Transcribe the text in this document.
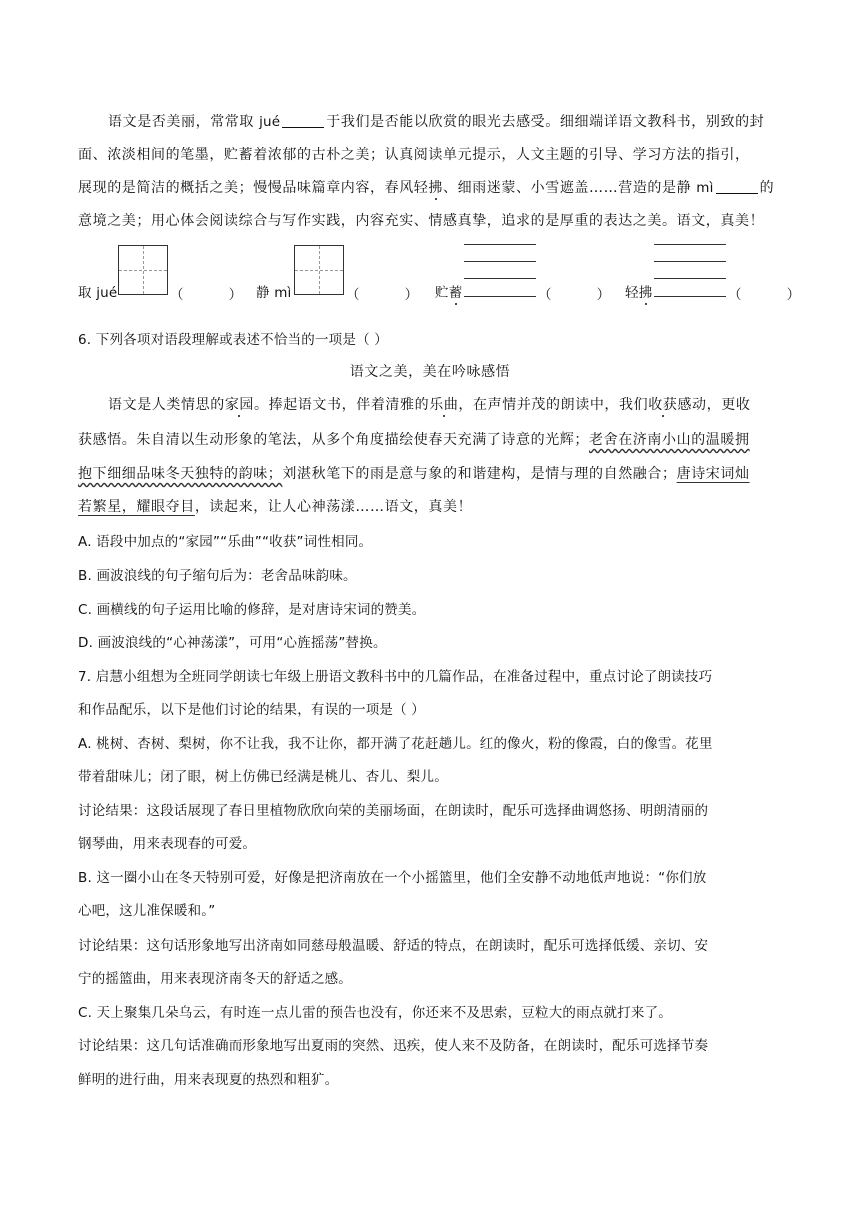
语文是否美丽，常常取 jué	于我们是否能以欣赏的眼光去感受。细细端详语文教科书，别致的封
面、浓淡相间的笔墨，贮蓄着浓郁的古朴之美；认真阅读单元提示，人文主题的引导、学习方法的指引，
展现的是简洁的概括之美；慢慢品味篇章内容，春风轻拂、细雨迷蒙、小雪遮盖……营造的是静 mì	的
意境之美；用心体会阅读综合与写作实践，内容充实、情感真挚，追求的是厚重的表达之美。语文，真美！
取 jué	（          ） 静 mì	（          ） 贮蓄	（          ） 轻拂	（          ）
6. 下列各项对语段理解或表述不恰当的一项是（ ）
语文之美，美在吟咏感悟
语文是人类情思的家园。捧起语文书，伴着清雅的乐曲，在声情并茂的朗读中，我们收获感动，更收
获感悟。朱自清以生动形象的笔法，从多个角度描绘使春天充满了诗意的光辉；老舍在济南小山的温暖拥
抱下细细品味冬天独特的韵味；刘湛秋笔下的雨是意与象的和谐建构，是情与理的自然融合；唐诗宋词灿
若繁星，耀眼夺目，读起来，让人心神荡漾……语文，真美！
A. 语段中加点的“家园”“乐曲”“收获”词性相同。
B. 画波浪线的句子缩句后为：老舍品味韵味。
C. 画横线的句子运用比喻的修辞，是对唐诗宋词的赞美。
D. 画波浪线的“心神荡漾”，可用“心旌摇荡”替换。
7. 启慧小组想为全班同学朗读七年级上册语文教科书中的几篇作品，在准备过程中，重点讨论了朗读技巧
和作品配乐，以下是他们讨论的结果，有误的一项是（ ）
A. 桃树、杏树、梨树，你不让我，我不让你，都开满了花赶趟儿。红的像火，粉的像霞，白的像雪。花里
带着甜味儿；闭了眼，树上仿佛已经满是桃儿、杏儿、梨儿。
讨论结果：这段话展现了春日里植物欣欣向荣的美丽场面，在朗读时，配乐可选择曲调悠扬、明朗清丽的
钢琴曲，用来表现春的可爱。
B. 这一圈小山在冬天特别可爱，好像是把济南放在一个小摇篮里，他们全安静不动地低声地说：“你们放
心吧，这儿准保暖和。”
讨论结果：这句话形象地写出济南如同慈母般温暖、舒适的特点，在朗读时，配乐可选择低缓、亲切、安
宁的摇篮曲，用来表现济南冬天的舒适之感。
C. 天上聚集几朵乌云，有时连一点儿雷的预告也没有，你还来不及思索，豆粒大的雨点就打来了。
讨论结果：这几句话准确而形象地写出夏雨的突然、迅疾，使人来不及防备，在朗读时，配乐可选择节奏
鲜明的进行曲，用来表现夏的热烈和粗犷。
